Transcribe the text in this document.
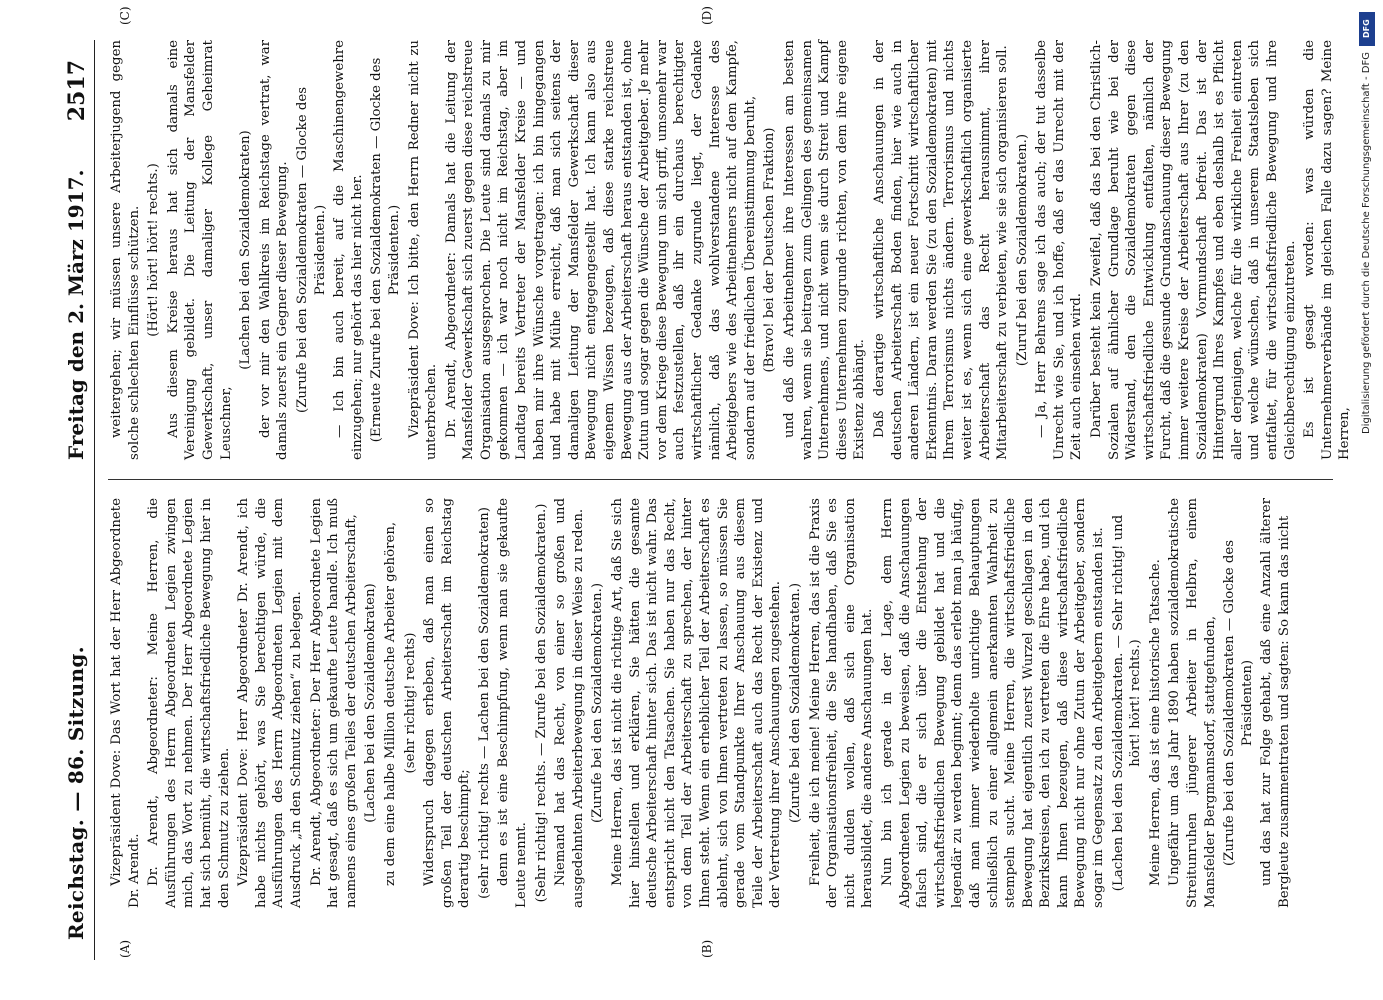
Reichstag. — 86. Sitzung.
Freitag den 2. März 1917.
2517
(A)	(B)
(C)	(D)

Vizepräsident Dove: Das Wort hat der Herr Abgeordnete Dr. Arendt. Dr. Arendt, Abgeordneter: Meine Herren, die Ausführungen des Herrn Abgeordneten Legien zwingen mich, das Wort zu nehmen. Der Herr Abgeordnete Legien hat sich bemüht, die wirtschaftsfriedliche Bewegung hier in den Schmutz zu ziehen. Vizepräsident Dove: Herr Abgeordneter Dr. Arendt, ich habe nichts gehört, was Sie berechtigen würde, die Ausführungen des Herrn Abgeordneten Legien mit dem Ausdruck „in den Schmutz ziehen“ zu belegen. Dr. Arendt, Abgeordneter: Der Herr Abgeordnete Legien hat gesagt, daß es sich um gekaufte Leute handle. Ich muß namens eines großen Teiles der deutschen Arbeiterschaft, (Lachen bei den Sozialdemokraten) zu dem eine halbe Million deutsche Arbeiter gehören, (sehr richtig! rechts) Widerspruch dagegen erheben, daß man einen so großen Teil der deutschen Arbeiterschaft im Reichstag derartig beschimpft; (sehr richtig! rechts — Lachen bei den Sozialdemokraten) denn es ist eine Beschimpfung, wenn man sie gekaufte Leute nennt. (Sehr richtig! rechts. — Zurufe bei den Sozialdemokraten.) Niemand hat das Recht, von einer so großen und ausgedehnten Arbeiterbewegung in dieser Weise zu reden. (Zurufe bei den Sozialdemokraten.) Meine Herren, das ist nicht die richtige Art, daß Sie sich hier hinstellen und erklären, Sie hätten die gesamte deutsche Arbeiterschaft hinter sich. Das ist nicht wahr. Das entspricht nicht den Tatsachen. Sie haben nur das Recht, von dem Teil der Arbeiterschaft zu sprechen, der hinter Ihnen steht. Wenn ein erheblicher Teil der Arbeiterschaft es ablehnt, sich von Ihnen vertreten zu lassen, so müssen Sie gerade vom Standpunkte Ihrer Anschauung aus diesem Teile der Arbeiterschaft auch das Recht der Existenz und der Vertretung ihrer Anschauungen zugestehen. (Zurufe bei den Sozialdemokraten.) Freiheit, die ich meine! Meine Herren, das ist die Praxis der Organisationsfreiheit, die Sie handhaben, daß Sie es nicht dulden wollen, daß sich eine Organisation herausbildet, die andere Anschauungen hat. Nun bin ich gerade in der Lage, dem Herrn Abgeordneten Legien zu beweisen, daß die Anschauungen falsch sind, die er sich über die Entstehung der wirtschaftsfriedlichen Bewegung gebildet hat und die legendär zu werden beginnt; denn das erlebt man ja häufig, daß man immer wiederholte unrichtige Behauptungen schließlich zu einer allgemein anerkannten Wahrheit zu stempeln sucht. Meine Herren, die wirtschaftsfriedliche Bewegung hat eigentlich zuerst Wurzel geschlagen in den Bezirkskreisen, den ich zu vertreten die Ehre habe, und ich kann Ihnen bezeugen, daß diese wirtschaftsfriedliche Bewegung nicht nur ohne Zutun der Arbeitgeber, sondern sogar im Gegensatz zu den Arbeitgebern entstanden ist. (Lachen bei den Sozialdemokraten. — Sehr richtig! und hört! hört! rechts.) Meine Herren, das ist eine historische Tatsache. Ungefähr um das Jahr 1890 haben sozialdemokratische Streitunruhen jüngerer Arbeiter in Helbra, einem Mansfelder Bergmannsdorf, stattgefunden, (Zurufe bei den Sozialdemokraten — Glocke des Präsidenten) und das hat zur Folge gehabt, daß eine Anzahl älterer Bergleute zusammentraten und sagten: So kann das nicht

weitergehen; wir müssen unsere Arbeiterjugend gegen solche schlechten Einflüsse schützen. (Hört! hört! hört! rechts.) Aus diesem Kreise heraus hat sich damals eine Vereinigung gebildet. Die Leitung der Mansfelder Gewerkschaft, unser damaliger Kollege Geheimrat Leuschner,

(Lachen bei den Sozialdemokraten) der vor mir den Wahlkreis im Reichstage vertrat, war damals zuerst ein Gegner dieser Bewegung. (Zurufe bei den Sozialdemokraten — Glocke des Präsidenten.) — Ich bin auch bereit, auf die Maschinengewehre einzugehen; nur gehört das hier nicht her. (Erneute Zurufe bei den Sozialdemokraten — Glocke des Präsidenten.) Vizepräsident Dove: Ich bitte, den Herrn Redner nicht zu unterbrechen. Dr. Arendt, Abgeordneter: Damals hat die Leitung der Mansfelder Gewerkschaft sich zuerst gegen diese reichstreue Organisation ausgesprochen. Die Leute sind damals zu mir gekommen — ich war noch nicht im Reichstag, aber im Landtag bereits Vertreter der Mansfelder Kreise — und haben mir ihre Wünsche vorgetragen: ich bin hingegangen und habe mit Mühe erreicht, daß man sich seitens der damaligen Leitung der Mansfelder Gewerkschaft dieser Bewegung nicht entgegengestellt hat. Ich kann also aus eigenem Wissen bezeugen, daß diese starke reichstreue Bewegung aus der Arbeiterschaft heraus entstanden ist, ohne Zutun und sogar gegen die Wünsche der Arbeitgeber. Je mehr vor dem Kriege diese Bewegung um sich griff, umsomehr war auch festzustellen, daß ihr ein durchaus berechtigter wirtschaftlicher Gedanke zugrunde liegt, der Gedanke nämlich, daß das wohlverstandene Interesse des Arbeitgebers wie des Arbeitnehmers nicht auf dem Kampfe, sondern auf der friedlichen Übereinstimmung beruht, (Bravo! bei der Deutschen Fraktion) und daß die Arbeitnehmer ihre Interessen am besten wahren, wenn sie beitragen zum Gelingen des gemeinsamen Unternehmens, und nicht wenn sie durch Streit und Kampf dieses Unternehmen zugrunde richten, von dem ihre eigene Existenz abhängt. Daß derartige wirtschaftliche Anschauungen in der deutschen Arbeiterschaft Boden finden, hier wie auch in anderen Ländern, ist ein neuer Fortschritt wirtschaftlicher Erkenntnis. Daran werden Sie (zu den Sozialdemokraten) mit Ihrem Terrorismus nichts ändern. Terrorismus und nichts weiter ist es, wenn sich eine gewerkschaftlich organisierte Arbeiterschaft das Recht herausnimmt, ihrer Mitarbeiterschaft zu verbieten, wie sie sich organisieren soll. (Zuruf bei den Sozialdemokraten.) — Ja, Herr Behrens sage ich das auch; der tut dasselbe Unrecht wie Sie, und ich hoffe, daß er das Unrecht mit der Zeit auch einsehen wird. Darüber besteht kein Zweifel, daß das bei den Christlich-Sozialen auf ähnlicher Grundlage beruht wie bei der Widerstand, den die Sozialdemokraten gegen diese wirtschaftsfriedliche Entwicklung entfalten, nämlich der Furcht, daß die gesunde Grundanschauung dieser Bewegung immer weitere Kreise der Arbeiterschaft aus Ihrer (zu den Sozialdemokraten) Vormundschaft befreit. Das ist der Hintergrund Ihres Kampfes und eben deshalb ist es Pflicht aller derjenigen, welche für die wirkliche Freiheit eintreten und welche wünschen, daß in unserem Staatsleben sich entfaltet, für die wirtschaftsfriedliche Bewegung und ihre Gleichberechtigung einzutreten. Es ist gesagt worden: was würden die Unternehmerverbände im gleichen Falle dazu sagen? Meine Herren,

DFG
Digitalisierung gefördert durch die Deutsche Forschungsgemeinschaft - DFG
